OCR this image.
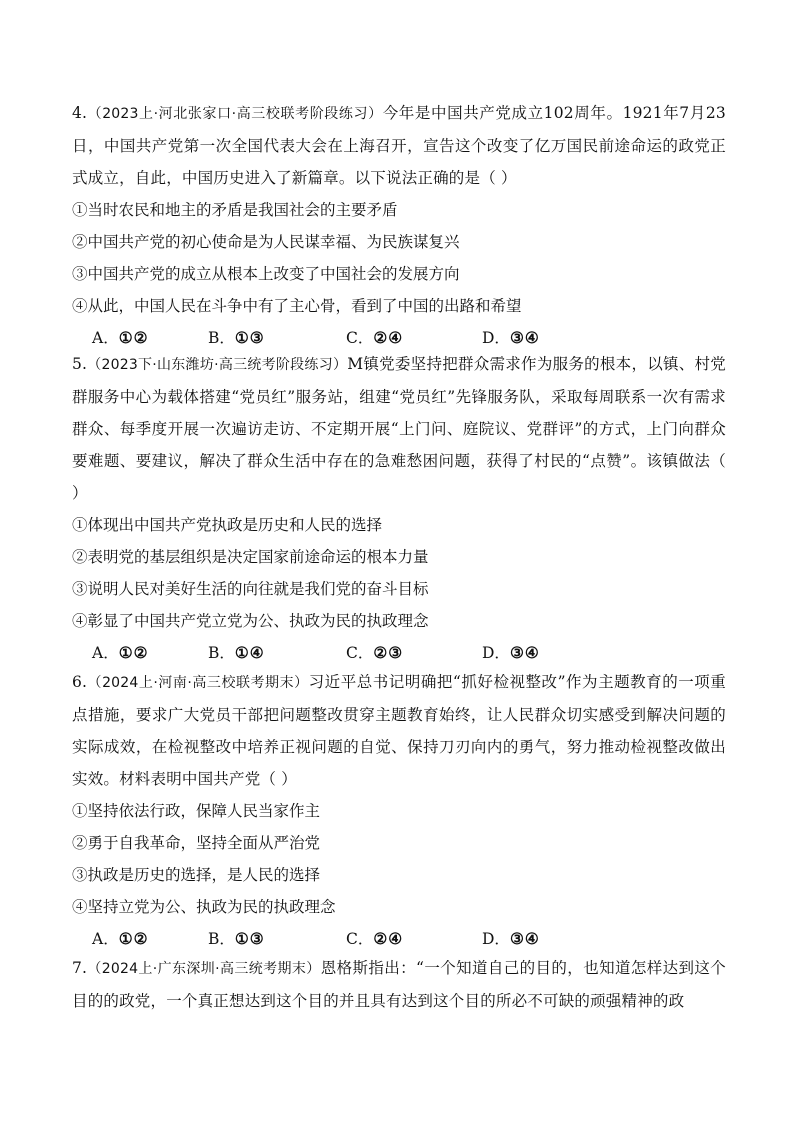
4.（2023上·河北张家口·高三校联考阶段练习）今年是中国共产党成立102周年。1921年7月23日，中国共产党第一次全国代表大会在上海召开，宣告这个改变了亿万国民前途命运的政党正式成立，自此，中国历史进入了新篇章。以下说法正确的是（ ）

①当时农民和地主的矛盾是我国社会的主要矛盾

②中国共产党的初心使命是为人民谋幸福、为民族谋复兴

③中国共产党的成立从根本上改变了中国社会的发展方向

④从此，中国人民在斗争中有了主心骨，看到了中国的出路和希望

A．①②	B．①③	C．②④	D．③④

5.（2023下·山东潍坊·高三统考阶段练习）M镇党委坚持把群众需求作为服务的根本，以镇、村党群服务中心为载体搭建“党员红”服务站，组建“党员红”先锋服务队，采取每周联系一次有需求群众、每季度开展一次遍访走访、不定期开展“上门问、庭院议、党群评”的方式，上门向群众要难题、要建议，解决了群众生活中存在的急难愁困问题，获得了村民的“点赞”。该镇做法（ ）

①体现出中国共产党执政是历史和人民的选择

②表明党的基层组织是决定国家前途命运的根本力量

③说明人民对美好生活的向往就是我们党的奋斗目标

④彰显了中国共产党立党为公、执政为民的执政理念

A．①②	B．①④	C．②③	D．③④

6.（2024上·河南·高三校联考期末）习近平总书记明确把“抓好检视整改”作为主题教育的一项重点措施，要求广大党员干部把问题整改贯穿主题教育始终，让人民群众切实感受到解决问题的实际成效，在检视整改中培养正视问题的自觉、保持刀刃向内的勇气，努力推动检视整改做出实效。材料表明中国共产党（ ）

①坚持依法行政，保障人民当家作主

②勇于自我革命，坚持全面从严治党

③执政是历史的选择，是人民的选择

④坚持立党为公、执政为民的执政理念

A．①②	B．①③	C．②④	D．③④

7.（2024上·广东深圳·高三统考期末）恩格斯指出：“一个知道自己的目的，也知道怎样达到这个目的的政党，一个真正想达到这个目的并且具有达到这个目的所必不可缺的顽强精神的政
